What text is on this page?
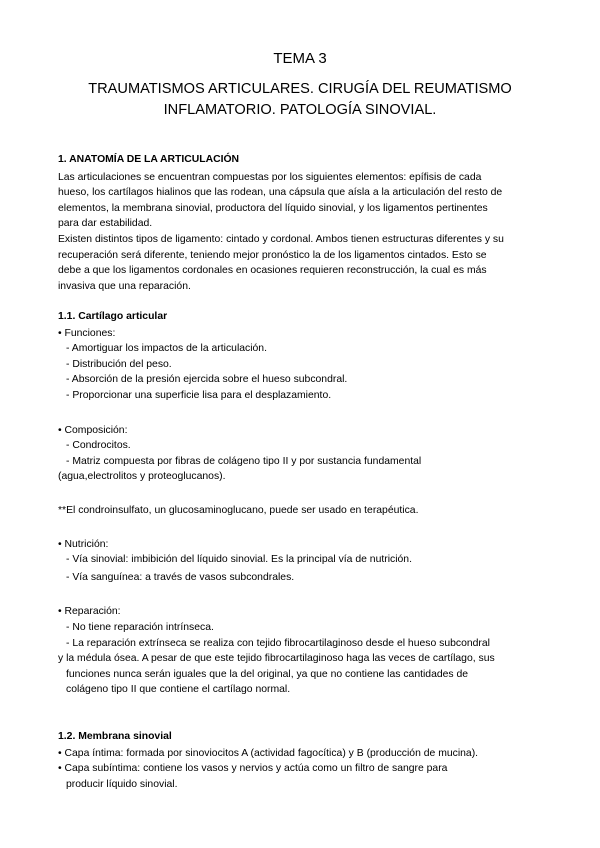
TEMA 3
TRAUMATISMOS ARTICULARES. CIRUGÍA DEL REUMATISMO
INFLAMATORIO. PATOLOGÍA SINOVIAL.
1. ANATOMÍA DE LA ARTICULACIÓN
Las articulaciones se encuentran compuestas por los siguientes elementos: epífisis de cada
hueso, los cartílagos hialinos que las rodean, una cápsula que aísla a la articulación del resto de
elementos, la membrana sinovial, productora del líquido sinovial, y los ligamentos pertinentes
para dar estabilidad.
Existen distintos tipos de ligamento: cintado y cordonal. Ambos tienen estructuras diferentes y su
recuperación será diferente, teniendo mejor pronóstico la de los ligamentos cintados. Esto se
debe a que los ligamentos cordonales en ocasiones requieren reconstrucción, la cual es más
invasiva que una reparación.
1.1. Cartílago articular
• Funciones:
- Amortiguar los impactos de la articulación.
- Distribución del peso.
- Absorción de la presión ejercida sobre el hueso subcondral.
- Proporcionar una superficie lisa para el desplazamiento.
• Composición:
- Condrocitos.
- Matriz compuesta por fibras de colágeno tipo II y por sustancia fundamental
(agua,electrolitos y proteoglucanos).
**El condroinsulfato, un glucosaminoglucano, puede ser usado en terapéutica.
• Nutrición:
- Vía sinovial: imbibición del líquido sinovial. Es la principal vía de nutrición.
- Vía sanguínea: a través de vasos subcondrales.
• Reparación:
- No tiene reparación intrínseca.
- La reparación extrínseca se realiza con tejido fibrocartilaginoso desde el hueso subcondral
y la médula ósea. A pesar de que este tejido fibrocartilaginoso haga las veces de cartílago, sus
funciones nunca serán iguales que la del original, ya que no contiene las cantidades de
colágeno tipo II que contiene el cartílago normal.
1.2. Membrana sinovial
• Capa íntima: formada por sinoviocitos A (actividad fagocítica) y B (producción de mucina).
• Capa subíntima: contiene los vasos y nervios y actúa como un filtro de sangre para
producir líquido sinovial.
